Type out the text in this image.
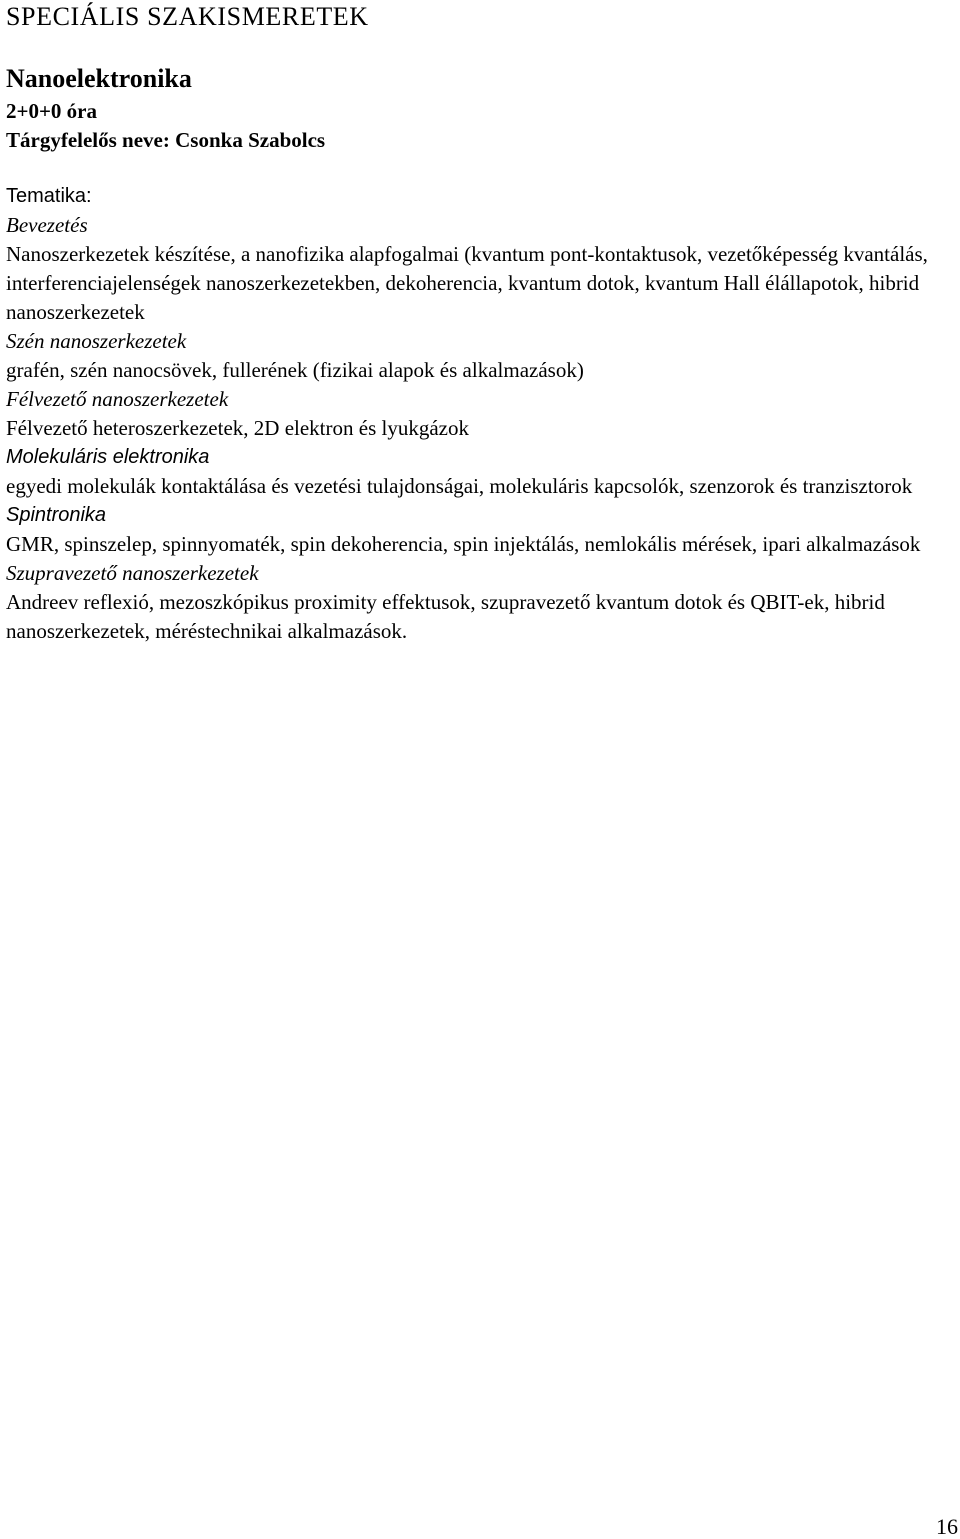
SPECIÁLIS SZAKISMERETEK
Nanoelektronika
2+0+0 óra
Tárgyfelelős neve: Csonka Szabolcs
Tematika:
Bevezetés

Nanoszerkezetek készítése, a nanofizika alapfogalmai (kvantum pont-kontaktusok, vezetőképesség kvantálás, interferenciajelenségek nanoszerkezetekben, dekoherencia, kvantum dotok, kvantum Hall élállapotok, hibrid nanoszerkezetek

Szén nanoszerkezetek

grafén, szén nanocsövek, fullerének (fizikai alapok és alkalmazások)

Félvezető nanoszerkezetek

Félvezető heteroszerkezetek, 2D elektron és lyukgázok

Molekuláris elektronika

egyedi molekulák kontaktálása és vezetési tulajdonságai, molekuláris kapcsolók, szenzorok és tranzisztorok

Spintronika

GMR, spinszelep, spinnyomaték, spin dekoherencia, spin injektálás, nemlokális mérések, ipari alkalmazások

Szupravezető nanoszerkezetek

Andreev reflexió, mezoszkópikus proximity effektusok, szupravezető kvantum dotok és QBIT-ek, hibrid nanoszerkezetek, méréstechnikai alkalmazások.

16
